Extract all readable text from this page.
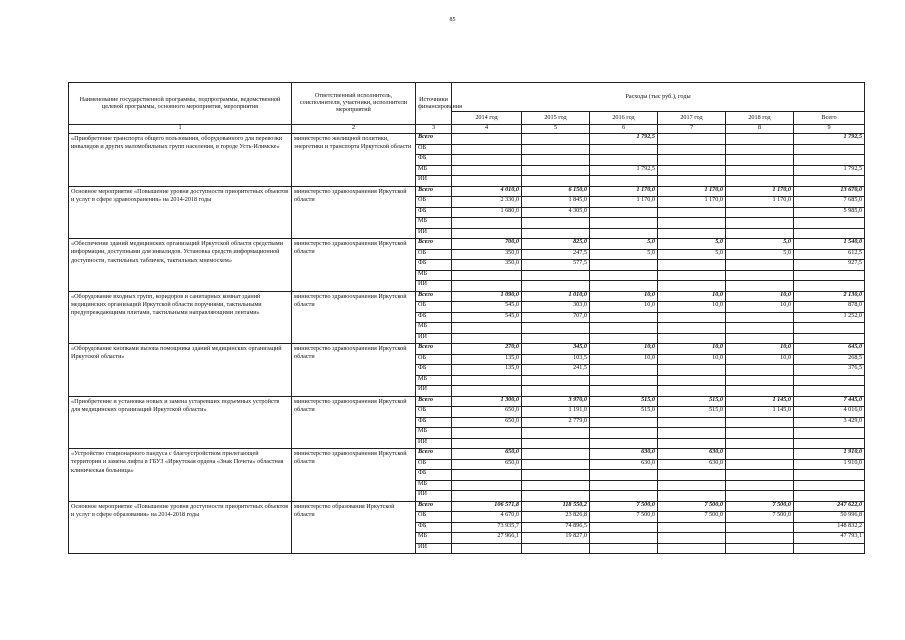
85
Наименование государственной программы, подпрограммы, ведомственной целевой программы, основного мероприятия, мероприятия	Ответственный исполнитель, соисполнители, участники, исполнители мероприятий	Источники финансирования	Расходы (тыс руб.), годы					
			2014 год	2015 год	2016 год	2017 год	2018 год	Всего
1	2	3	4	5	6	7	8	9
«Приобретение транспорта общего пользования, оборудованного для перевозки инвалидов и других маломобильных групп населения, в городе Усть-Илимске»	министерство жилищной политики, энергетики и транспорта Иркутской области	Всего			1 792,5			1 792,5
		ОБ						
		ФБ						
		МБ			1 792,5			1 792,5
		ИИ						
Основное мероприятие «Повышение уровня доступности приоритетных объектов и услуг в сфере здравоохранения» на 2014-2018 годы	министерство здравоохранения Иркутской области	Всего	4 010,0	6 150,0	1 170,0	1 170,0	1 170,0	13 670,0
		ОБ	2 330,0	1 845,0	1 170,0	1 170,0	1 170,0	7 685,0
		ФБ	1 680,0	4 305,0				5 985,0
		МБ						
		ИИ						
«Обеспечение зданий медицинских организаций Иркутской области средствами информации, доступными для инвалидов. Установка средств информационной доступности, тактильных табличек, тактильных мнемосхем»	министерство здравоохранения Иркутской области	Всего	700,0	825,0	5,0	5,0	5,0	1 540,0
		ОБ	350,0	247,5	5,0	5,0	5,0	612,5
		ФБ	350,0	577,5				927,5
		МБ						
		ИИ						
«Оборудование входных групп, коридоров и санитарных комнат зданий медицинских организаций Иркутской области поручнями, тактильными предупреждающими плитами, тактильными направляющими лентами»	министерство здравоохранения Иркутской области	Всего	1 090,0	1 010,0	10,0	10,0	10,0	2 130,0
		ОБ	545,0	303,0	10,0	10,0	10,0	878,0
		ФБ	545,0	707,0				1 252,0
		МБ						
		ИИ						
«Оборудование кнопками вызова помощника зданий медицинских организаций Иркутской области»	министерство здравоохранения Иркутской области	Всего	270,0	345,0	10,0	10,0	10,0	645,0
		ОБ	135,0	103,5	10,0	10,0	10,0	268,5
		ФБ	135,0	241,5				376,5
		МБ						
		ИИ						
«Приобретение и установка новых и замена устаревших подъемных устройств для медицинских организаций Иркутской области»	министерство здравоохранения Иркутской области	Всего	1 300,0	3 970,0	515,0	515,0	1 145,0	7 445,0
		ОБ	650,0	1 191,0	515,0	515,0	1 145,0	4 016,0
		ФБ	650,0	2 779,0				3 429,0
		МБ						
		ИИ						
«Устройство стационарного пандуса с благоустройством прилегающей территории и замена лифта в ГБУЗ «Иркутская ордена «Знак Почета» областная клиническая больница»	министерство здравоохранения Иркутской области	Всего	650,0		630,0	630,0		1 910,0
		ОБ	650,0		630,0	630,0		1 910,0
		ФБ						
		МБ						
		ИИ						
Основное мероприятие «Повышение уровня доступности приоритетных объектов и услуг в сфере образования» на 2014-2018 годы	министерство образования Иркутской области	Всего	106 571,8	118 550,2	7 500,0	7 500,0	7 500,0	247 622,0
		ОБ	4 670,0	23 826,8	7 500,0	7 500,0	7 500,0	50 996,8
		ФБ	73 935,7	74 896,5				148 832,2
		МБ	27 966,1	19 827,0				47 793,1
		ИИ						
